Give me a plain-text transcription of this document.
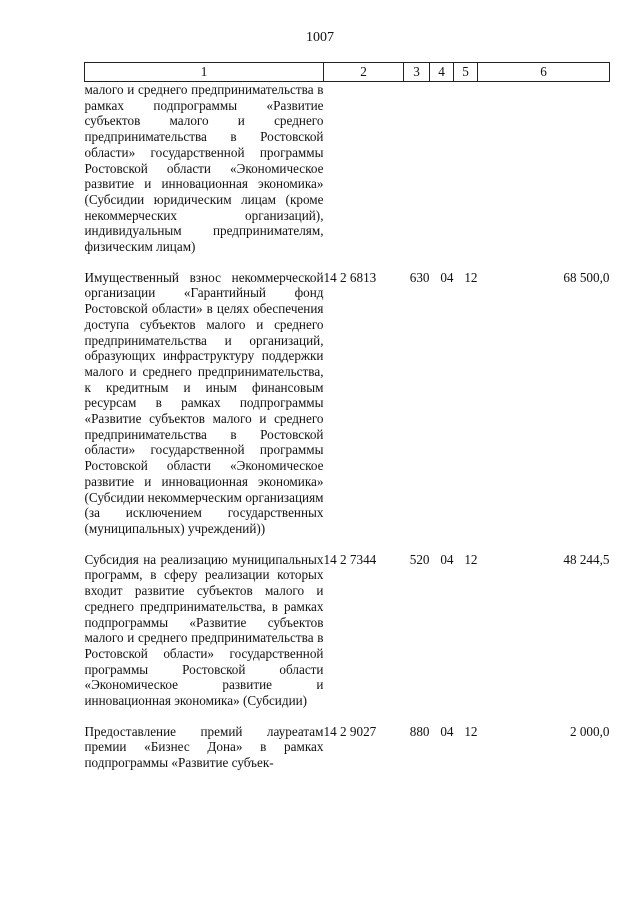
1007
1	2	3	4	5	6
малого и среднего предпринимательства в рамках подпрограммы «Развитие субъектов малого и среднего предпринимательства в Ростовской области» государственной программы Ростовской области «Экономическое развитие и инновационная экономика» (Субсидии юридическим лицам (кроме некоммерческих организаций), индивидуальным предпринимателям, физическим лицам)					

Имущественный взнос некоммерческой организации «Гарантийный фонд Ростовской области» в целях обеспечения доступа субъектов малого и среднего предпринимательства и организаций, образующих инфраструктуру поддержки малого и среднего предпринимательства, к кредитным и иным финансовым ресурсам в рамках подпрограммы «Развитие субъектов малого и среднего предпринимательства в Ростовской области» государственной программы Ростовской области «Экономическое развитие и инновационная экономика» (Субсидии некоммерческим организациям (за исключением государственных (муниципальных) учреждений))	14 2 6813	630	04	12	68 500,0

Субсидия на реализацию муниципальных программ, в сферу реализации которых входит развитие субъектов малого и среднего предпринимательства, в рамках подпрограммы «Развитие субъектов малого и среднего предпринимательства в Ростовской области» государственной программы Ростовской области «Экономическое развитие и инновационная экономика» (Субсидии)	14 2 7344	520	04	12	48 244,5

Предоставление премий лауреатам премии «Бизнес Дона» в рамках подпрограммы «Развитие субъек-	14 2 9027	880	04	12	2 000,0
